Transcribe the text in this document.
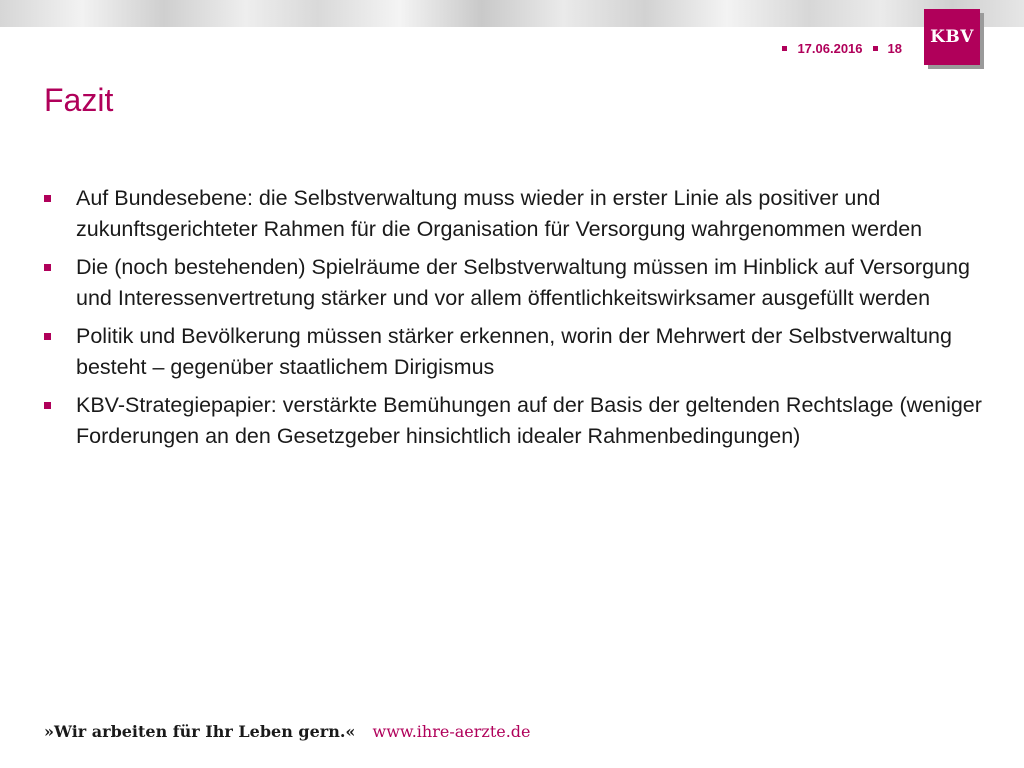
17.06.2016 18
KBV
Fazit
Auf Bundesebene: die Selbstverwaltung muss wieder in erster Linie als positiver und zukunftsgerichteter Rahmen für die Organisation für Versorgung wahrgenommen werden
Die (noch bestehenden) Spielräume der Selbstverwaltung müssen im Hinblick auf Versorgung und Interessenvertretung stärker und vor allem öffentlichkeitswirksamer ausgefüllt werden
Politik und Bevölkerung müssen stärker erkennen, worin der Mehrwert der Selbstverwaltung besteht – gegenüber staatlichem Dirigismus
KBV-Strategiepapier: verstärkte Bemühungen auf der Basis der geltenden Rechtslage (weniger Forderungen an den Gesetzgeber hinsichtlich idealer Rahmenbedingungen)
»Wir arbeiten für Ihr Leben gern.« www.ihre-aerzte.de
